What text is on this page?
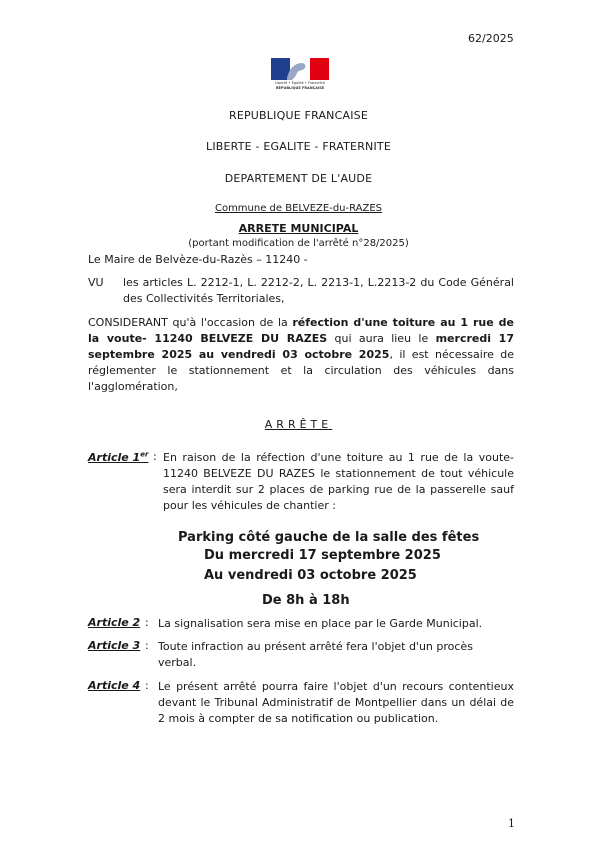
62/2025
Liberté • Égalité • Fraternité
RÉPUBLIQUE FRANÇAISE
REPUBLIQUE FRANCAISE
LIBERTE - EGALITE - FRATERNITE
DEPARTEMENT DE L'AUDE
Commune de BELVEZE-du-RAZES
ARRETE MUNICIPAL
(portant modification de l'arrêté n°28/2025)
Le Maire de Belvèze-du-Razès – 11240 -
VU les articles L. 2212-1, L. 2212-2, L. 2213-1, L.2213-2 du Code Général des Collectivités Territoriales,
CONSIDERANT qu'à l'occasion de la réfection d'une toiture au 1 rue de la voute- 11240 BELVEZE DU RAZES qui aura lieu le mercredi 17 septembre 2025 au vendredi 03 octobre 2025, il est nécessaire de réglementer le stationnement et la circulation des véhicules dans l'agglomération,
ARRÊTE
Article 1er : En raison de la réfection d'une toiture au 1 rue de la voute- 11240 BELVEZE DU RAZES le stationnement de tout véhicule sera interdit sur 2 places de parking rue de la passerelle sauf pour les véhicules de chantier :
Parking côté gauche de la salle des fêtes
Du mercredi 17 septembre 2025
Au vendredi 03 octobre 2025
De 8h à 18h
Article 2 : La signalisation sera mise en place par le Garde Municipal.
Article 3 : Toute infraction au présent arrêté fera l'objet d'un procès verbal.
Article 4 : Le présent arrêté pourra faire l'objet d'un recours contentieux devant le Tribunal Administratif de Montpellier dans un délai de 2 mois à compter de sa notification ou publication.
1
